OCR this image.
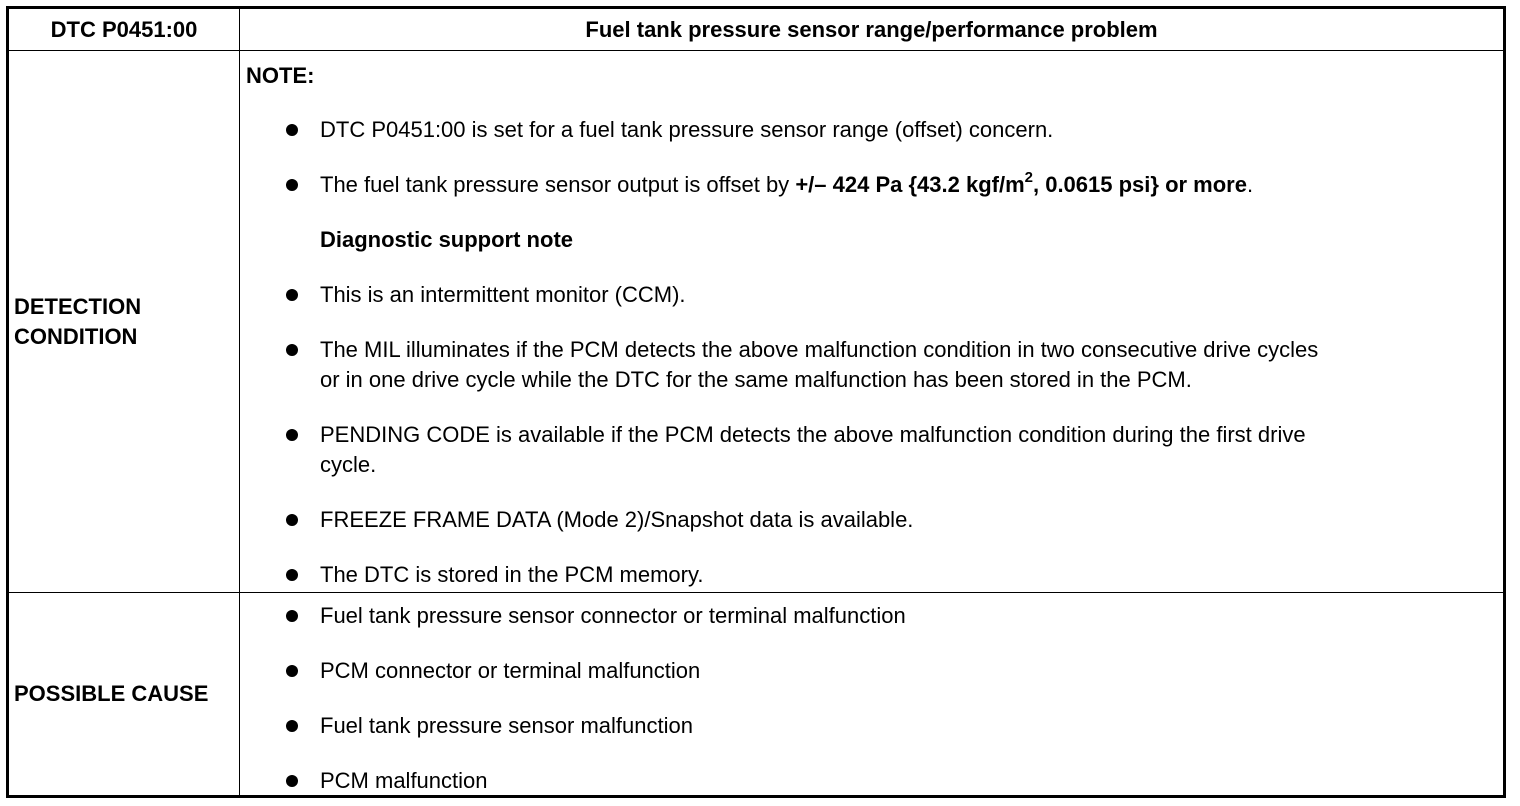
DTC P0451:00	Fuel tank pressure sensor range/performance problem
DETECTION
CONDITION
NOTE:
DTC P0451:00 is set for a fuel tank pressure sensor range (offset) concern.
The fuel tank pressure sensor output is offset by +/– 424 Pa {43.2 kgf/$m^2$, 0.0615 psi} or more.
Diagnostic support note
This is an intermittent monitor (CCM).
The MIL illuminates if the PCM detects the above malfunction condition in two consecutive drive cycles
or in one drive cycle while the DTC for the same malfunction has been stored in the PCM.
PENDING CODE is available if the PCM detects the above malfunction condition during the first drive
cycle.
FREEZE FRAME DATA (Mode 2)/Snapshot data is available.
The DTC is stored in the PCM memory.
POSSIBLE CAUSE
Fuel tank pressure sensor connector or terminal malfunction
PCM connector or terminal malfunction
Fuel tank pressure sensor malfunction
PCM malfunction
